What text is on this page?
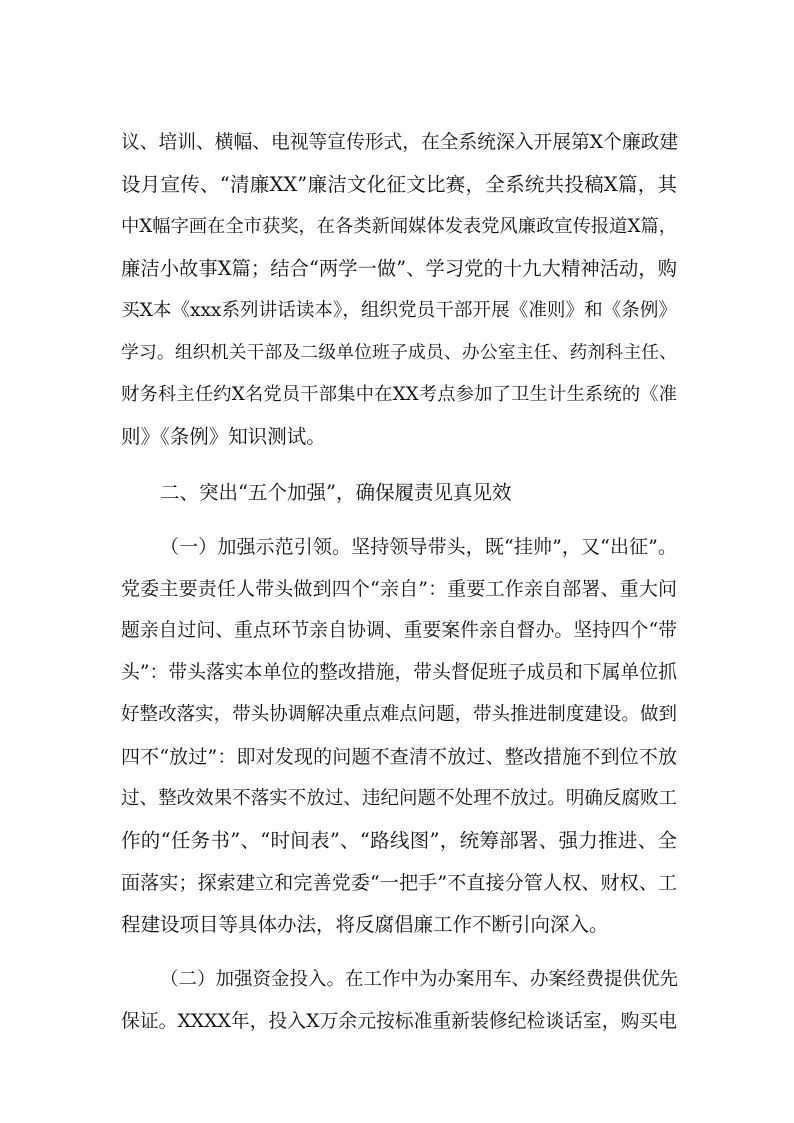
议、培训、横幅、电视等宣传形式，在全系统深入开展第X个廉政建
设月宣传、“清廉XX”廉洁文化征文比赛，全系统共投稿X篇，其
中X幅字画在全市获奖，在各类新闻媒体发表党风廉政宣传报道X篇，
廉洁小故事X篇；结合“两学一做”、学习党的十九大精神活动，购
买X本《xxx系列讲话读本》，组织党员干部开展《准则》和《条例》
学习。组织机关干部及二级单位班子成员、办公室主任、药剂科主任、
财务科主任约X名党员干部集中在XX考点参加了卫生计生系统的《准
则》《条例》知识测试。
二、突出“五个加强”，确保履责见真见效
（一）加强示范引领。坚持领导带头，既“挂帅”，又“出征”。
党委主要责任人带头做到四个“亲自”：重要工作亲自部署、重大问
题亲自过问、重点环节亲自协调、重要案件亲自督办。坚持四个“带
头”：带头落实本单位的整改措施，带头督促班子成员和下属单位抓
好整改落实，带头协调解决重点难点问题，带头推进制度建设。做到
四不“放过”：即对发现的问题不查清不放过、整改措施不到位不放
过、整改效果不落实不放过、违纪问题不处理不放过。明确反腐败工
作的“任务书”、“时间表”、“路线图”，统筹部署、强力推进、全
面落实；探索建立和完善党委“一把手”不直接分管人权、财权、工
程建设项目等具体办法，将反腐倡廉工作不断引向深入。
（二）加强资金投入。在工作中为办案用车、办案经费提供优先
保证。XXXX年，投入X万余元按标准重新装修纪检谈话室，购买电
